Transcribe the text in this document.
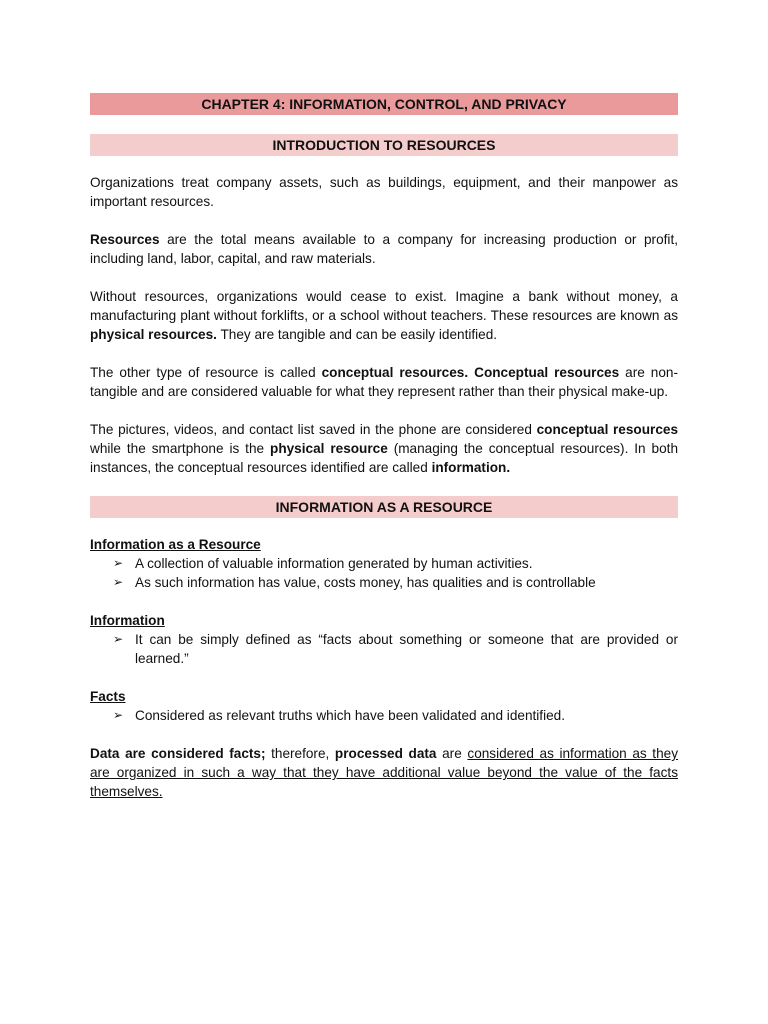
CHAPTER 4: INFORMATION, CONTROL, AND PRIVACY
INTRODUCTION TO RESOURCES

Organizations treat company assets, such as buildings, equipment, and their manpower as important resources.

Resources are the total means available to a company for increasing production or profit, including land, labor, capital, and raw materials.

Without resources, organizations would cease to exist. Imagine a bank without money, a manufacturing plant without forklifts, or a school without teachers. These resources are known as physical resources. They are tangible and can be easily identified.

The other type of resource is called conceptual resources. Conceptual resources are non-tangible and are considered valuable for what they represent rather than their physical make-up.

The pictures, videos, and contact list saved in the phone are considered conceptual resources while the smartphone is the physical resource (managing the conceptual resources). In both instances, the conceptual resources identified are called information.

INFORMATION AS A RESOURCE
Information as a Resource
➢ A collection of valuable information generated by human activities.
➢ As such information has value, costs money, has qualities and is controllable
Information
➢ It can be simply defined as “facts about something or someone that are provided or learned.”
Facts
➢ Considered as relevant truths which have been validated and identified.

Data are considered facts; therefore, processed data are considered as information as they are organized in such a way that they have additional value beyond the value of the facts themselves.
